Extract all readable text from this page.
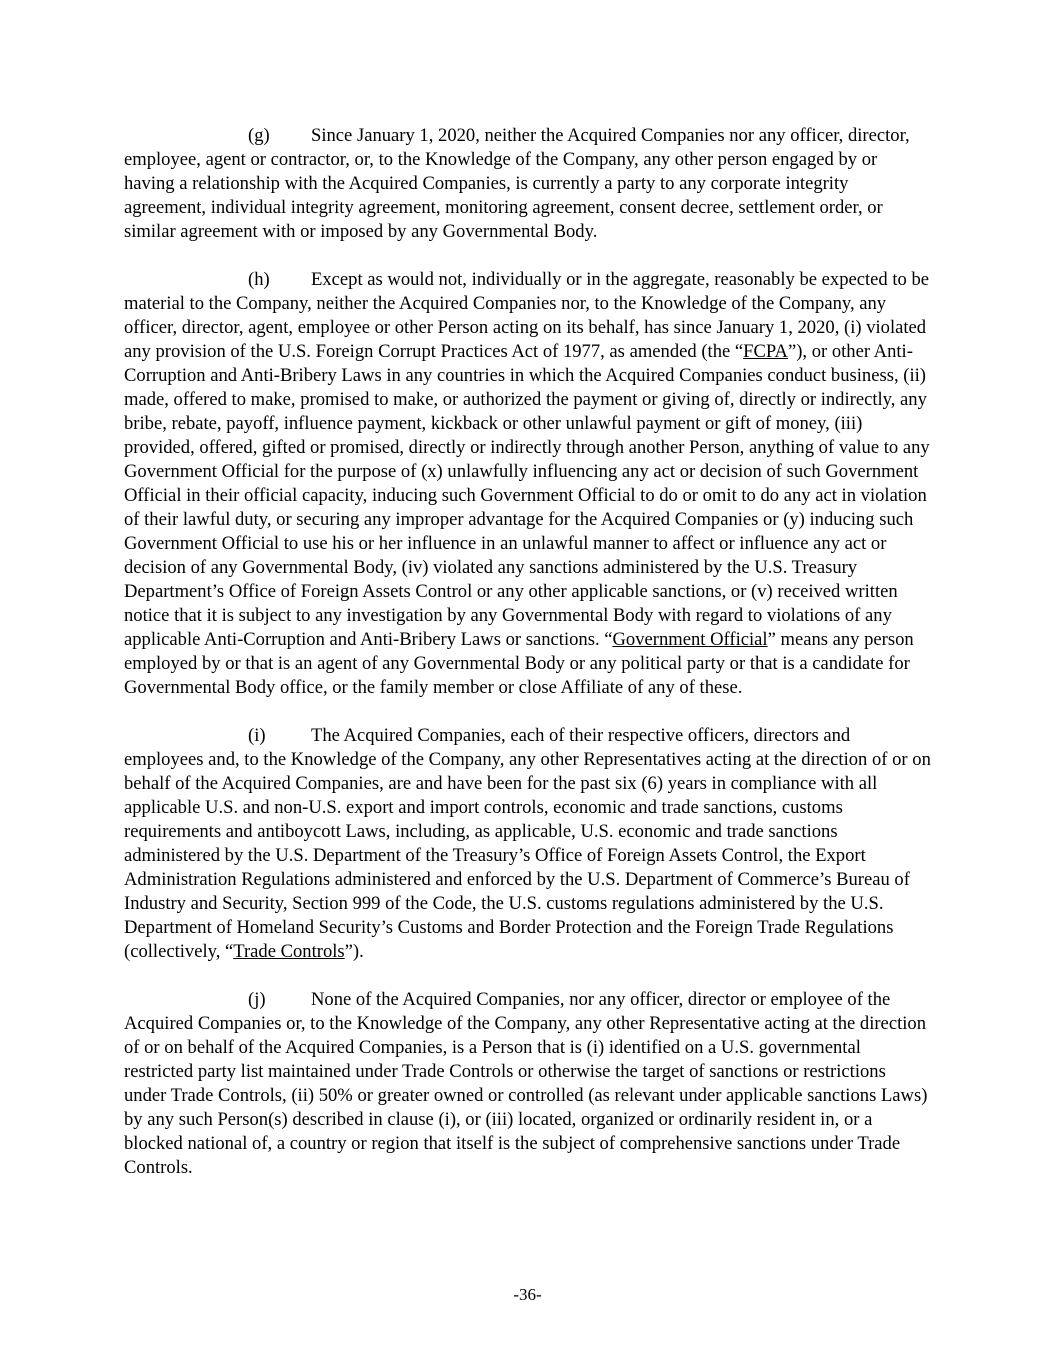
(g) Since January 1, 2020, neither the Acquired Companies nor any officer, director, employee, agent or contractor, or, to the Knowledge of the Company, any other person engaged by or having a relationship with the Acquired Companies, is currently a party to any corporate integrity agreement, individual integrity agreement, monitoring agreement, consent decree, settlement order, or similar agreement with or imposed by any Governmental Body.

(h) Except as would not, individually or in the aggregate, reasonably be expected to be material to the Company, neither the Acquired Companies nor, to the Knowledge of the Company, any officer, director, agent, employee or other Person acting on its behalf, has since January 1, 2020, (i) violated any provision of the U.S. Foreign Corrupt Practices Act of 1977, as amended (the “FCPA”), or other Anti-Corruption and Anti-Bribery Laws in any countries in which the Acquired Companies conduct business, (ii) made, offered to make, promised to make, or authorized the payment or giving of, directly or indirectly, any bribe, rebate, payoff, influence payment, kickback or other unlawful payment or gift of money, (iii) provided, offered, gifted or promised, directly or indirectly through another Person, anything of value to any Government Official for the purpose of (x) unlawfully influencing any act or decision of such Government Official in their official capacity, inducing such Government Official to do or omit to do any act in violation of their lawful duty, or securing any improper advantage for the Acquired Companies or (y) inducing such Government Official to use his or her influence in an unlawful manner to affect or influence any act or decision of any Governmental Body, (iv) violated any sanctions administered by the U.S. Treasury Department’s Office of Foreign Assets Control or any other applicable sanctions, or (v) received written notice that it is subject to any investigation by any Governmental Body with regard to violations of any applicable Anti-Corruption and Anti-Bribery Laws or sanctions. “Government Official” means any person employed by or that is an agent of any Governmental Body or any political party or that is a candidate for Governmental Body office, or the family member or close Affiliate of any of these.

(i) The Acquired Companies, each of their respective officers, directors and employees and, to the Knowledge of the Company, any other Representatives acting at the direction of or on behalf of the Acquired Companies, are and have been for the past six (6) years in compliance with all applicable U.S. and non-U.S. export and import controls, economic and trade sanctions, customs requirements and antiboycott Laws, including, as applicable, U.S. economic and trade sanctions administered by the U.S. Department of the Treasury’s Office of Foreign Assets Control, the Export Administration Regulations administered and enforced by the U.S. Department of Commerce’s Bureau of Industry and Security, Section 999 of the Code, the U.S. customs regulations administered by the U.S. Department of Homeland Security’s Customs and Border Protection and the Foreign Trade Regulations (collectively, “Trade Controls”).

(j) None of the Acquired Companies, nor any officer, director or employee of the Acquired Companies or, to the Knowledge of the Company, any other Representative acting at the direction of or on behalf of the Acquired Companies, is a Person that is (i) identified on a U.S. governmental restricted party list maintained under Trade Controls or otherwise the target of sanctions or restrictions under Trade Controls, (ii) 50% or greater owned or controlled (as relevant under applicable sanctions Laws) by any such Person(s) described in clause (i), or (iii) located, organized or ordinarily resident in, or a blocked national of, a country or region that itself is the subject of comprehensive sanctions under Trade Controls.

-36-
